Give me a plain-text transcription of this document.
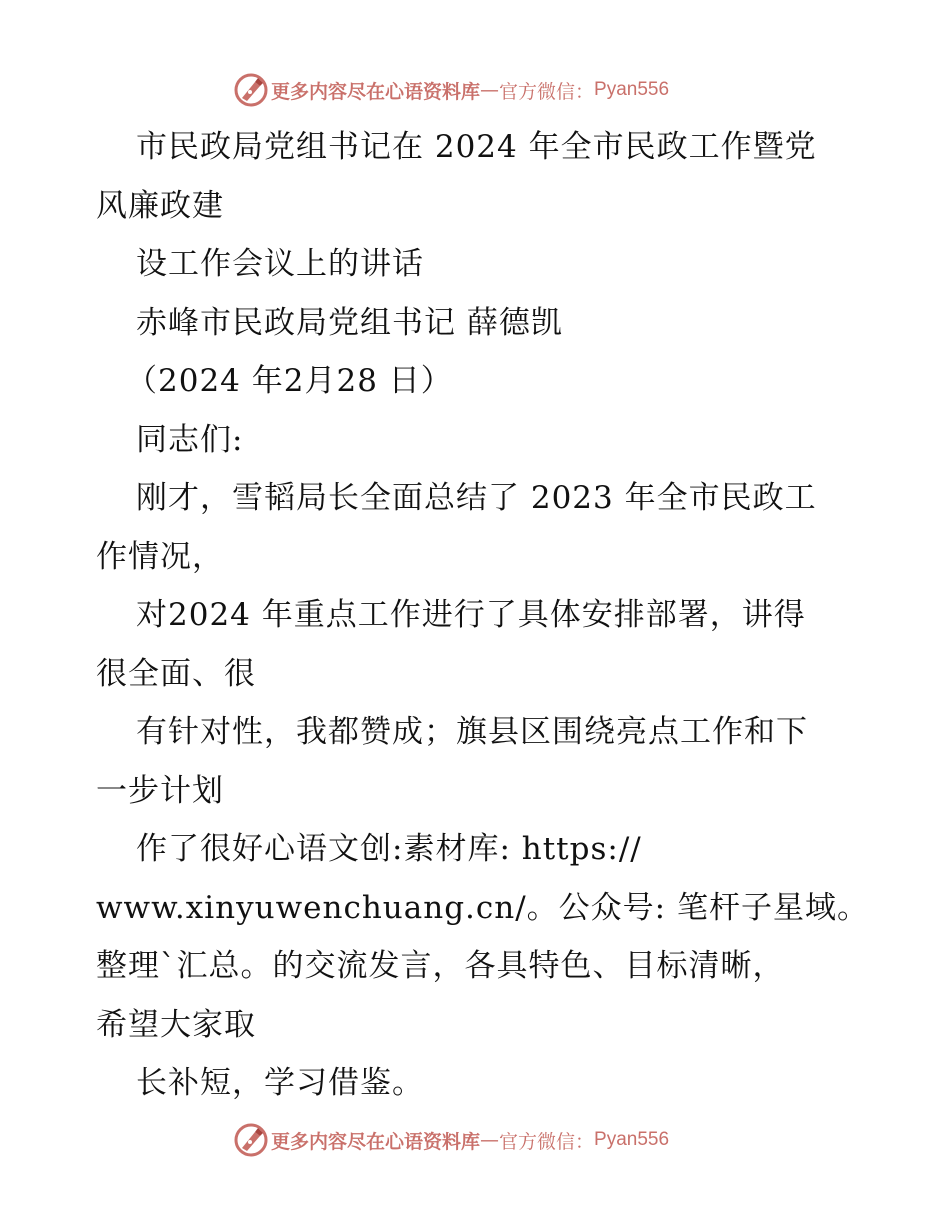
更多内容尽在心语资料库 — 官方微信： Pyan556
市民政局党组书记在 2024 年全市民政工作暨党
风廉政建
设工作会议上的讲话
赤峰市民政局党组书记 薛德凯
（2024 年2月28 日）
同志们:
刚才，雪韬局长全面总结了 2023 年全市民政工
作情况，
对2024 年重点工作进行了具体安排部署，讲得
很全面、很
有针对性，我都赞成；旗县区围绕亮点工作和下
一步计划
作了很好心语文创:素材库: https://
www.xinyuwenchuang.cn/。公众号: 笔杆子星域。
整理`汇总。的交流发言，各具特色、目标清晰，
希望大家取
长补短，学习借鉴。
更多内容尽在心语资料库 — 官方微信： Pyan556
